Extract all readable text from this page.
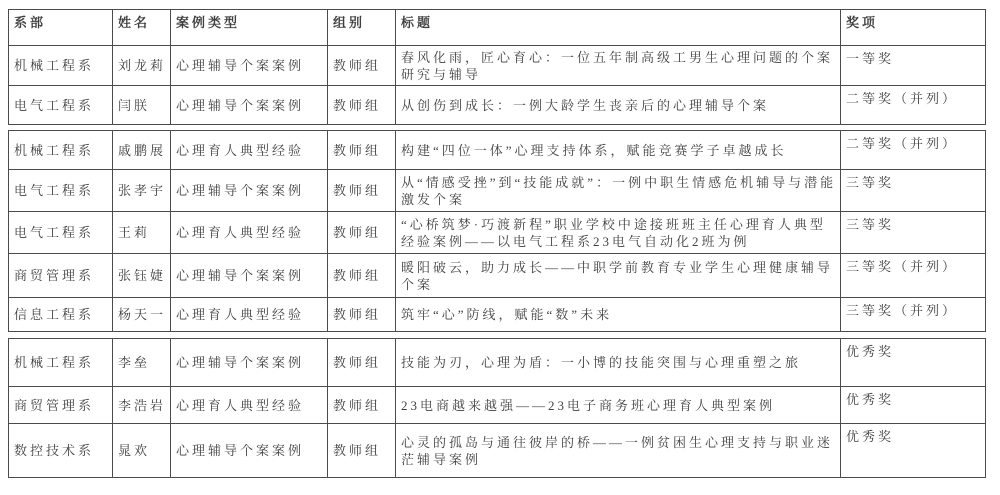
系部	姓名	案例类型	组别	标题	奖项
机械工程系	刘龙莉	心理辅导个案案例	教师组	春风化雨，匠心育心：一位五年制高级工男生心理问题的个案研究与辅导	一等奖
电气工程系	闫朕	心理辅导个案案例	教师组	从创伤到成长：一例大龄学生丧亲后的心理辅导个案	二等奖（并列）
机械工程系	戚鹏展	心理育人典型经验	教师组	构建“四位一体”心理支持体系，赋能竞赛学子卓越成长	二等奖（并列）
电气工程系	张孝宇	心理辅导个案案例	教师组	从“情感受挫”到“技能成就”：一例中职生情感危机辅导与潜能激发个案	三等奖
电气工程系	王莉	心理育人典型经验	教师组	“心桥筑梦·巧渡新程”职业学校中途接班班主任心理育人典型经验案例——以电气工程系23电气自动化2班为例	三等奖
商贸管理系	张钰婕	心理辅导个案案例	教师组	暖阳破云，助力成长——中职学前教育专业学生心理健康辅导个案	三等奖（并列）
信息工程系	杨天一	心理育人典型经验	教师组	筑牢“心”防线，赋能“数”未来	三等奖（并列）
机械工程系	李垒	心理辅导个案案例	教师组	技能为刃，心理为盾：一小博的技能突围与心理重塑之旅	优秀奖
商贸管理系	李浩岩	心理育人典型经验	教师组	23电商越来越强——23电子商务班心理育人典型案例	优秀奖
数控技术系	晁欢	心理辅导个案案例	教师组	心灵的孤岛与通往彼岸的桥——一例贫困生心理支持与职业迷茫辅导案例	优秀奖
